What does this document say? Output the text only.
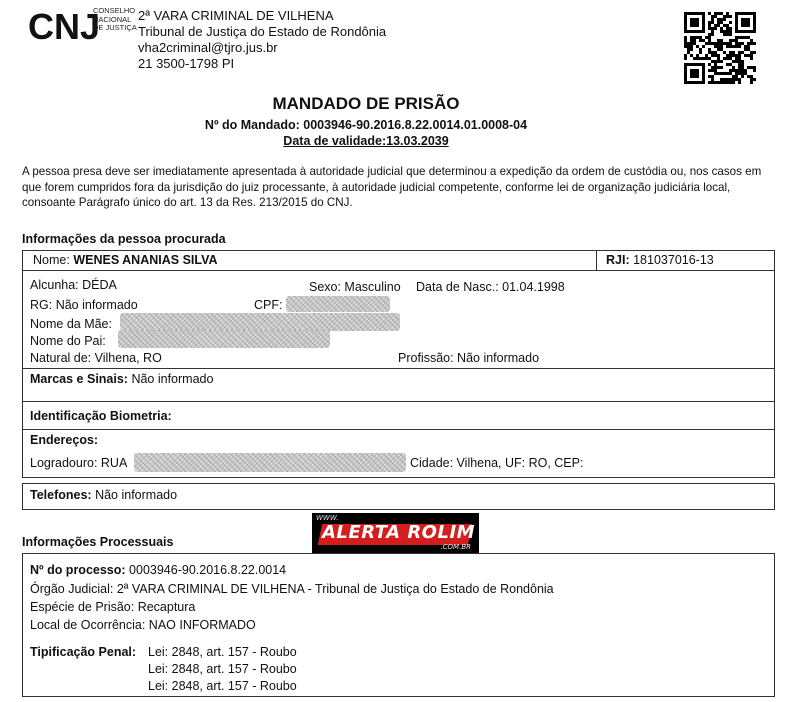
CNJ
CONSELHO
NACIONAL
DE JUSTIÇA
2ª VARA CRIMINAL DE VILHENA
Tribunal de Justiça do Estado de Rondônia
vha2criminal@tjro.jus.br
21 3500-1798 PI
MANDADO DE PRISÃO
Nº do Mandado: 0003946-90.2016.8.22.0014.01.0008-04
Data de validade:13.03.2039
A pessoa presa deve ser imediatamente apresentada à autoridade judicial que determinou a expedição da ordem de custódia ou, nos casos em que forem cumpridos fora da jurisdição do juiz processante, à autoridade judicial competente, conforme lei de organização judiciária local, consoante Parágrafo único do art. 13 da Res. 213/2015 do CNJ.
Informações da pessoa procurada
Nome: WENES ANANIAS SILVA	RJI: 181037016-13
Alcunha: DÉDA	Sexo: Masculino Data de Nasc.: 01.04.1998
RG: Não informado	CPF:
Nome da Mãe:
Nome do Pai:
Natural de: Vilhena, RO	Profissão: Não informado
Marcas e Sinais: Não informado
Identificação Biometria:
Endereços:
Logradouro: RUA	Cidade: Vilhena, UF: RO, CEP:
Telefones: Não informado
WWW.
ALERTA ROLIM
.COM.BR
Informações Processuais
Nº do processo: 0003946-90.2016.8.22.0014
Órgão Judicial: 2ª VARA CRIMINAL DE VILHENA - Tribunal de Justiça do Estado de Rondônia
Espécie de Prisão: Recaptura
Local de Ocorrência: NAO INFORMADO
Tipificação Penal: Lei: 2848, art. 157 - Roubo
Lei: 2848, art. 157 - Roubo
Lei: 2848, art. 157 - Roubo
